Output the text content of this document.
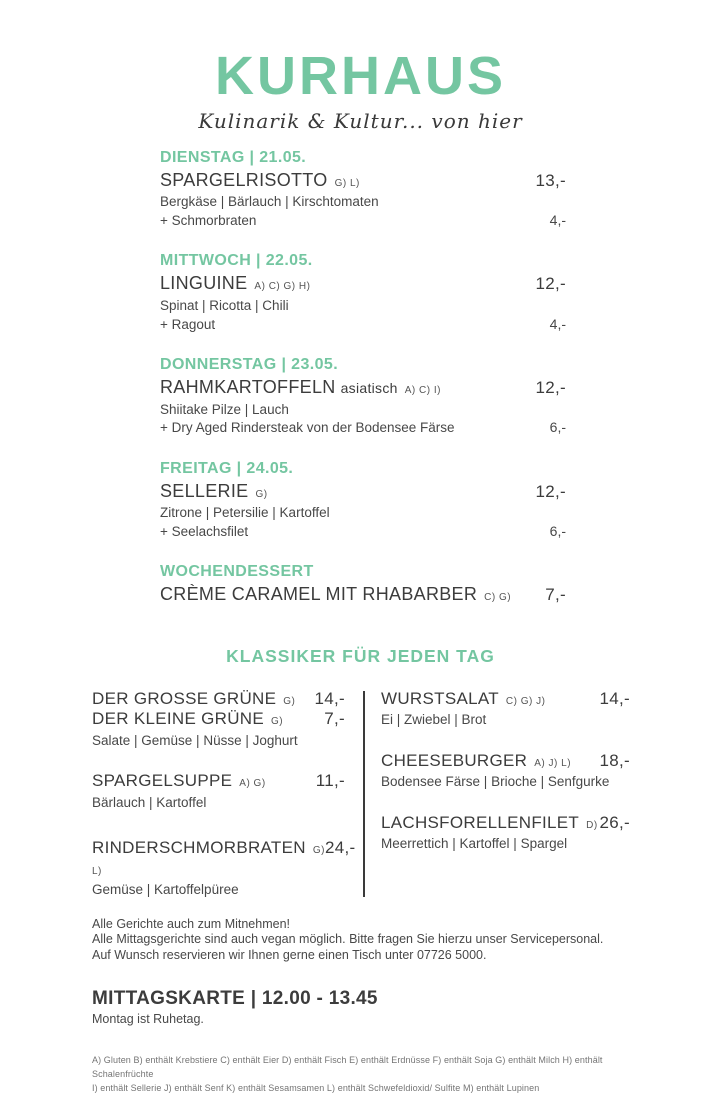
KURHAUS
Kulinarik & Kultur... von hier
DIENSTAG | 21.05.
SPARGELRISOTTO G) L)	13,-
Bergkäse | Bärlauch | Kirschtomaten
+ Schmorbraten	4,-
MITTWOCH | 22.05.
LINGUINE A) C) G) H)	12,-
Spinat | Ricotta | Chili
+ Ragout	4,-
DONNERSTAG | 23.05.
RAHMKARTOFFELN asiatisch A) C) I)	12,-
Shiitake Pilze | Lauch
+ Dry Aged Rindersteak von der Bodensee Färse	6,-
FREITAG | 24.05.
SELLERIE G)	12,-
Zitrone | Petersilie | Kartoffel
+ Seelachsfilet	6,-
WOCHENDESSERT
CRÈME CARAMEL MIT RHABARBER C) G) 7,-
KLASSIKER FÜR JEDEN TAG
DER GROSSE GRÜNE G) 14,-
DER KLEINE GRÜNE G) 7,-
Salate | Gemüse | Nüsse | Joghurt
SPARGELSUPPE A) G)	11,-
Bärlauch | Kartoffel
RINDERSCHMORBRATEN G) L)
24,-
Gemüse | Kartoffelpüree
WURSTSALAT C) G) J)	14,-
Ei | Zwiebel | Brot
CHEESEBURGER A) J) L) 18,-
Bodensee Färse | Brioche | Senfgurke
LACHSFORELLENFILET D) 26,-
Meerrettich | Kartoffel | Spargel
Alle Gerichte auch zum Mitnehmen!
Alle Mittagsgerichte sind auch vegan möglich. Bitte fragen Sie hierzu unser Servicepersonal.
Auf Wunsch reservieren wir Ihnen gerne einen Tisch unter 07726 5000.
MITTAGSKARTE | 12.00 - 13.45
Montag ist Ruhetag.
A) Gluten B) enthält Krebstiere C) enthält Eier D) enthält Fisch E) enthält Erdnüsse F) enthält Soja G) enthält Milch H) enthält Schalenfrüchte
I) enthält Sellerie J) enthält Senf K) enthält Sesamsamen L) enthält Schwefeldioxid/ Sulfite M) enthält Lupinen
